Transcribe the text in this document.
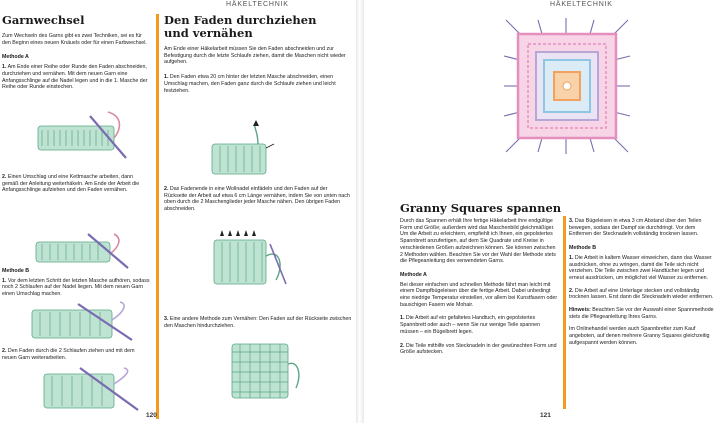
HÄKELTECHNIK
Garnwechsel

Zum Wechseln des Garns gibt es zwei Techniken, sei es für den Beginn eines neuen Knäuels oder für einen Farbwechsel.

Methode A

1. Am Ende einer Reihe oder Runde den Faden abschneiden, durchziehen und vernähen. Mit dem neuen Garn eine Anfangsschlinge auf die Nadel legen und in die 1. Masche der Reihe oder Runde einstechen.

2. Einen Umschlag und eine Kettmasche arbeiten, dann gemäß der Anleitung weiterhäkeln. Am Ende der Arbeit die Anfangsschlinge aufziehen und den Faden vernähen.

Methode B

1. Vor dem letzten Schritt der letzten Masche aufhören, sodass noch 2 Schlaufen auf der Nadel liegen. Mit dem neuen Garn einen Umschlag machen.

2. Den Faden durch die 2 Schlaufen ziehen und mit dem neuen Garn weiterarbeiten.

Den Faden durchziehen
und vernähen

Am Ende einer Häkelarbeit müssen Sie den Faden abschneiden und zur Befestigung durch die letzte Schlaufe ziehen, damit die Maschen nicht wieder aufgehen.

1. Den Faden etwa 20 cm hinter der letzten Masche abschneiden, einen Umschlag machen, den Faden ganz durch die Schlaufe ziehen und leicht festziehen.

2. Das Fadenende in eine Wollnadel einfädeln und den Faden auf der Rückseite der Arbeit auf etwa 6 cm Länge vernähen, indem Sie von unten nach oben durch die 2 Maschenglieder jeder Masche nähen. Den übrigen Faden abschneiden.

3. Eine andere Methode zum Vernähen: Den Faden auf der Rückseite zwischen den Maschen hindurchziehen.

120
HÄKELTECHNIK
Granny Squares spannen

Durch das Spannen erhält Ihre fertige Häkelarbeit ihre endgültige Form und Größe; außerdem wird das Maschenbild gleichmäßiger. Um die Arbeit zu erleichtern, empfiehlt ich Ihnen, ein gepolstertes Spannbrett anzufertigen, auf dem Sie Quadrate und Kreise in verschiedenen Größen aufzeichnen können. Sie können zwischen 2 Methoden wählen. Beachten Sie vor der Wahl der Methode stets die Pflegeanleitung des verwendeten Garns.

Methode A

Bei dieser einfachen und schnellen Methode fährt man leicht mit einem Dampfbügeleisen über die fertige Arbeit. Dabei unbedingt eine niedrige Temperatur einstellen, vor allem bei Kunstfasern oder bauschigen Fasern wie Mohair.

1. Die Arbeit auf ein gefaltetes Handtuch, ein gepolstertes Spannbrett oder auch – wenn Sie nur wenige Teile spannen müssen – ein Bügelbrett legen.

2. Die Teile mithilfe von Stecknadeln in der gewünschten Form und Größe aufstecken.

3. Das Bügeleisen in etwa 3 cm Abstand über den Teilen bewegen, sodass der Dampf sie durchdringt. Vor dem Entfernen der Stecknadeln vollständig trocknen lassen.

Methode B

1. Die Arbeit in kaltem Wasser einweichen, dann das Wasser ausdrücken, ohne zu wringen, damit die Teile sich nicht verziehen. Die Teile zwischen zwei Handtücher legen und erneut ausdrücken, um möglichst viel Wasser zu entfernen.

2. Die Arbeit auf eine Unterlage stecken und vollständig trocknen lassen. Erst dann die Stecknadeln wieder entfernen.

Hinweis: Beachten Sie vor der Auswahl einer Spannmethode stets die Pflegeanleitung Ihres Garns.

Im Onlinehandel werden auch Spannbretter zum Kauf angeboten, auf denen mehrere Granny Squares gleichzeitig aufgespannt werden können.

121
